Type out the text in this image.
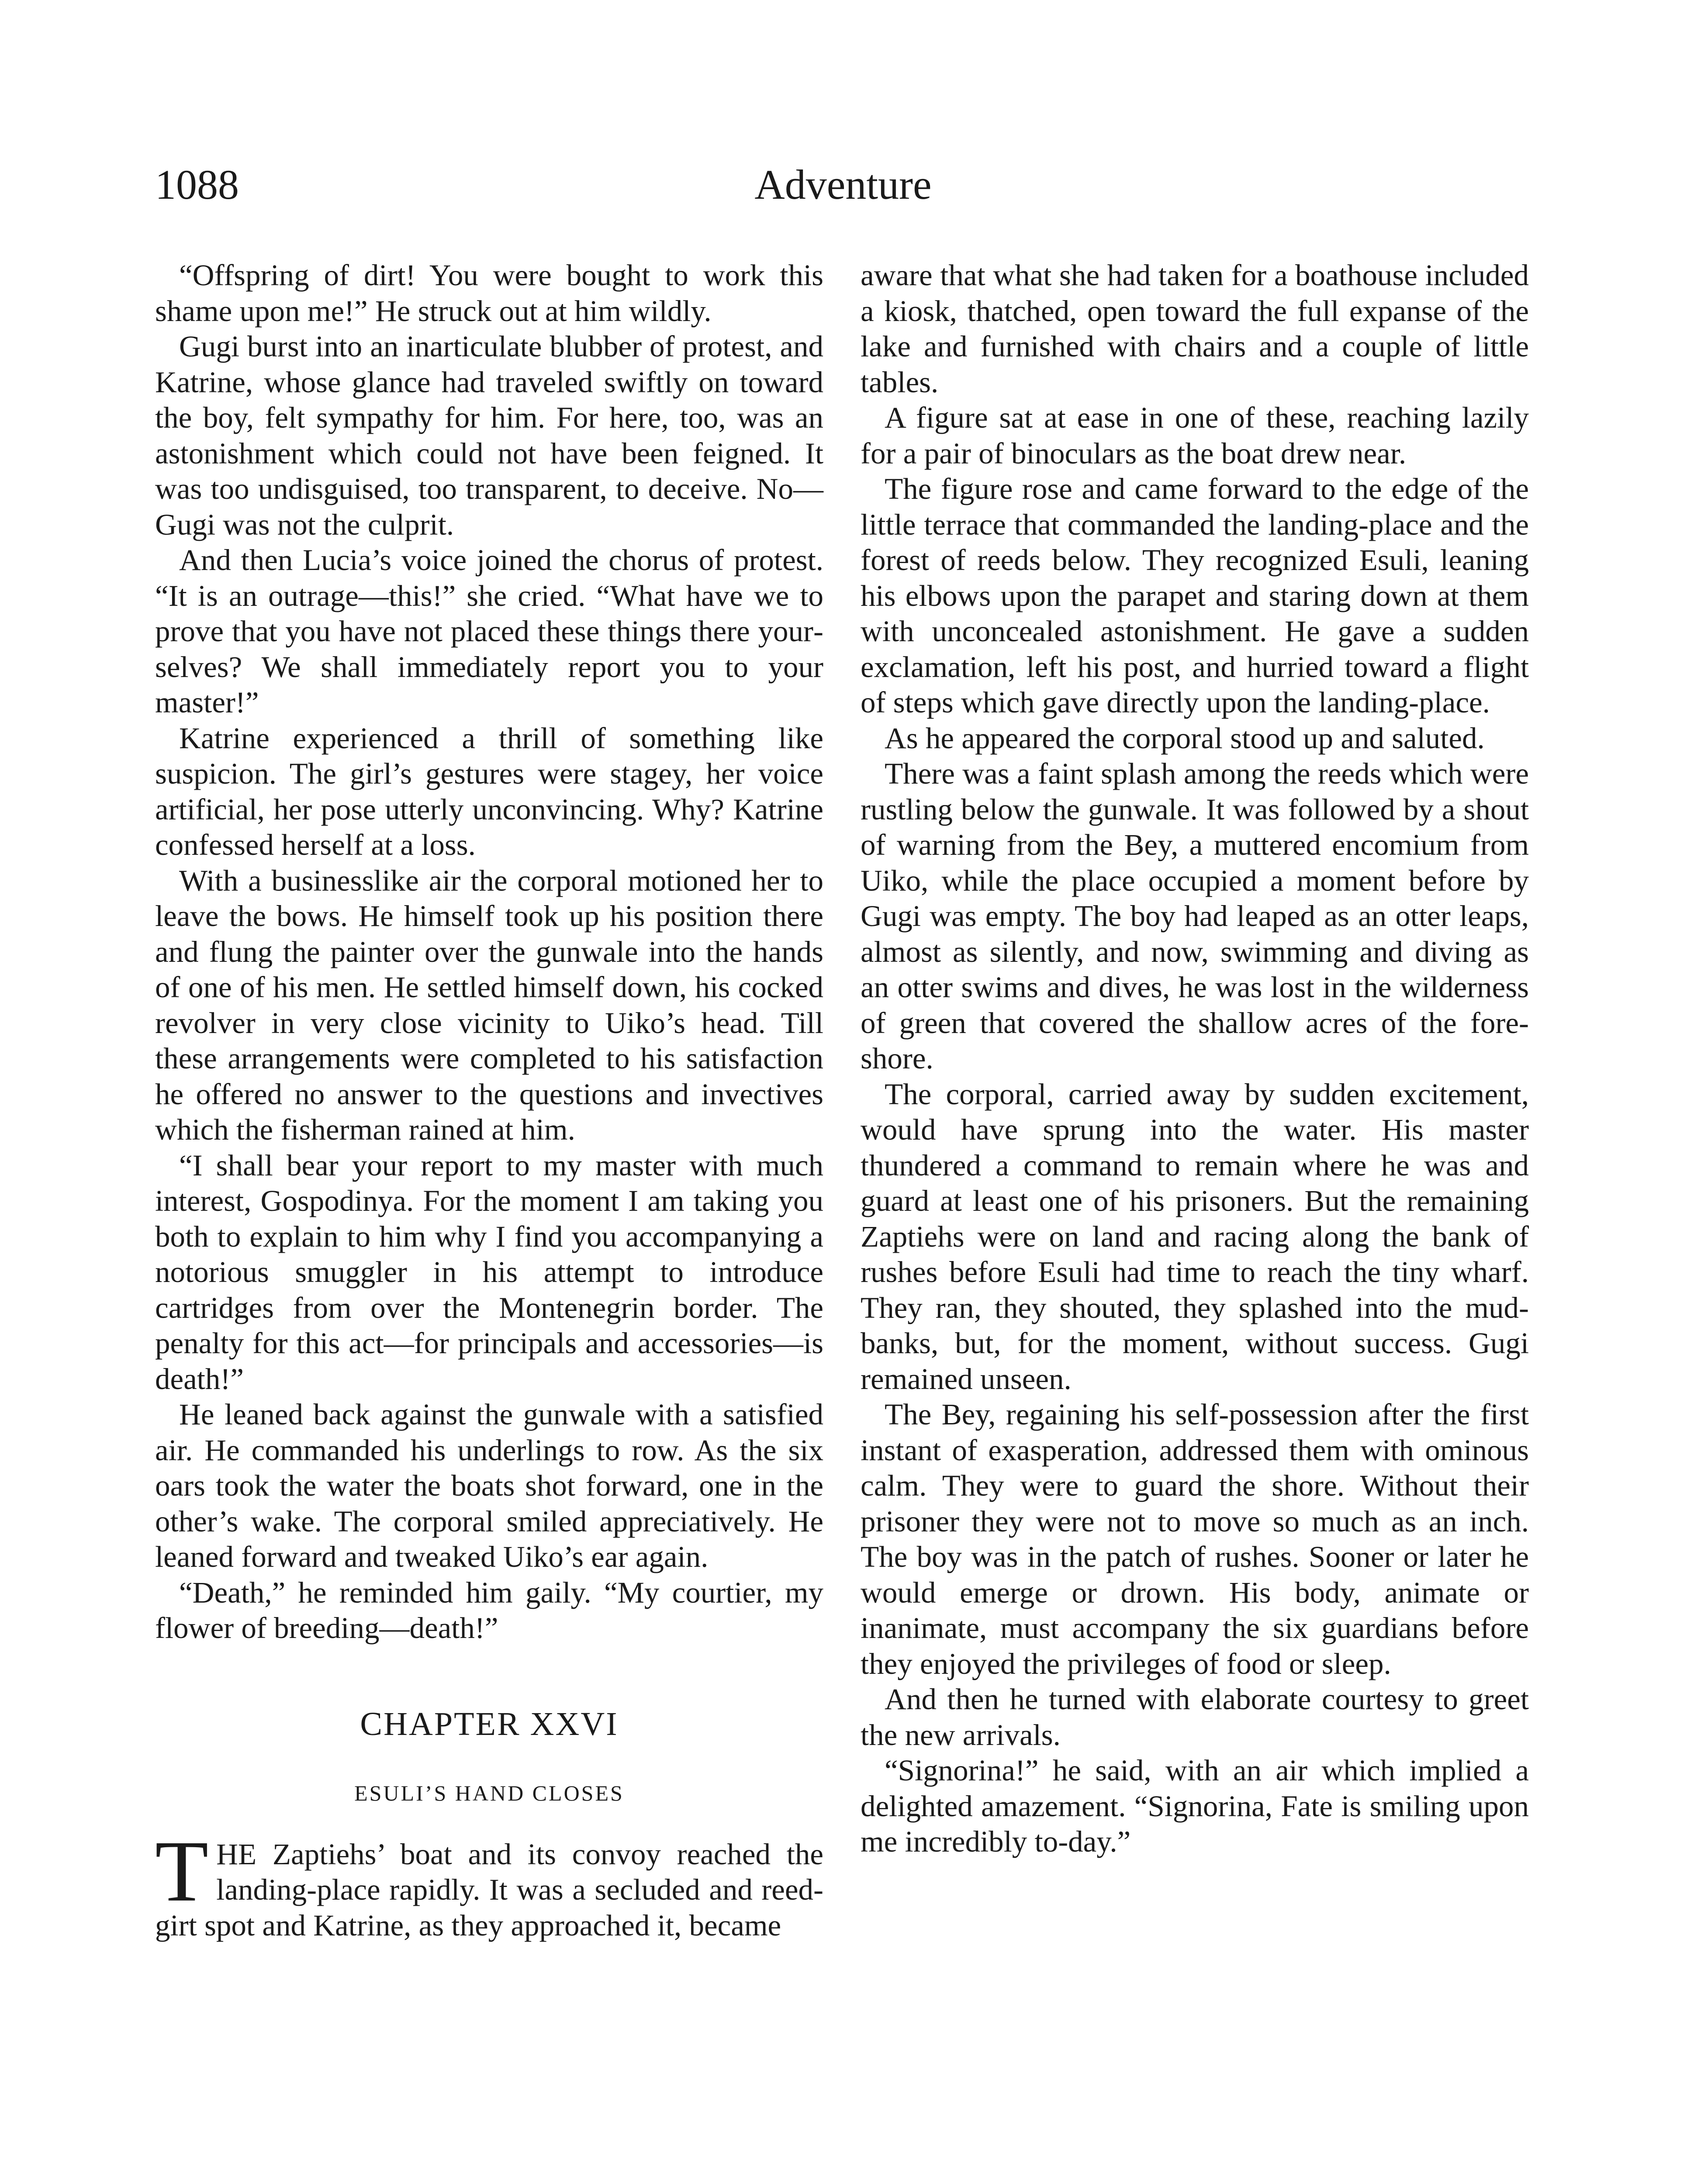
1088	Adventure

“Offspring of dirt! You were bought to work this shame upon me!” He struck out at him wildly.

Gugi burst into an inarticulate blubber of protest, and Katrine, whose glance had traveled swiftly on toward the boy, felt sympathy for him. For here, too, was an astonishment which could not have been feigned. It was too undisguised, too transparent, to deceive. No—Gugi was not the culprit.

And then Lucia’s voice joined the chorus of protest. “It is an outrage—this!” she cried. “What have we to prove that you have not placed these things there yourselves? We shall immediately report you to your master!”

Katrine experienced a thrill of something like suspicion. The girl’s gestures were stagey, her voice artificial, her pose utterly unconvincing. Why? Katrine confessed herself at a loss.

With a businesslike air the corporal motioned her to leave the bows. He himself took up his position there and flung the painter over the gunwale into the hands of one of his men. He settled himself down, his cocked revolver in very close vicinity to Uiko’s head. Till these arrangements were completed to his satisfaction he offered no answer to the questions and invectives which the fisherman rained at him.

“I shall bear your report to my master with much interest, Gospodinya. For the moment I am taking you both to explain to him why I find you accompanying a notorious smuggler in his attempt to introduce cartridges from over the Montenegrin border. The penalty for this act—for principals and accessories—is death!”

He leaned back against the gunwale with a satisfied air. He commanded his underlings to row. As the six oars took the water the boats shot forward, one in the other’s wake. The corporal smiled appreciatively. He leaned forward and tweaked Uiko’s ear again.

“Death,” he reminded him gaily. “My courtier, my flower of breeding—death!”

CHAPTER XXVI
ESULI’S HAND CLOSES

THE Zaptiehs’ boat and its convoy reached the landing-place rapidly. It was a secluded and reed-girt spot and Katrine, as they approached it, became

aware that what she had taken for a boathouse included a kiosk, thatched, open toward the full expanse of the lake and furnished with chairs and a couple of little tables.

A figure sat at ease in one of these, reaching lazily for a pair of binoculars as the boat drew near.

The figure rose and came forward to the edge of the little terrace that commanded the landing-place and the forest of reeds below. They recognized Esuli, leaning his elbows upon the parapet and staring down at them with unconcealed astonishment. He gave a sudden exclamation, left his post, and hurried toward a flight of steps which gave directly upon the landing-place.

As he appeared the corporal stood up and saluted.

There was a faint splash among the reeds which were rustling below the gunwale. It was followed by a shout of warning from the Bey, a muttered encomium from Uiko, while the place occupied a moment before by Gugi was empty. The boy had leaped as an otter leaps, almost as silently, and now, swimming and diving as an otter swims and dives, he was lost in the wilderness of green that covered the shallow acres of the foreshore.

The corporal, carried away by sudden excitement, would have sprung into the water. His master thundered a command to remain where he was and guard at least one of his prisoners. But the remaining Zaptiehs were on land and racing along the bank of rushes before Esuli had time to reach the tiny wharf. They ran, they shouted, they splashed into the mud-banks, but, for the moment, without success. Gugi remained unseen.

The Bey, regaining his self-possession after the first instant of exasperation, addressed them with ominous calm. They were to guard the shore. Without their prisoner they were not to move so much as an inch. The boy was in the patch of rushes. Sooner or later he would emerge or drown. His body, animate or inanimate, must accompany the six guardians before they enjoyed the privileges of food or sleep.

And then he turned with elaborate courtesy to greet the new arrivals.

“Signorina!” he said, with an air which implied a delighted amazement. “Signorina, Fate is smiling upon me incredibly to-day.”
